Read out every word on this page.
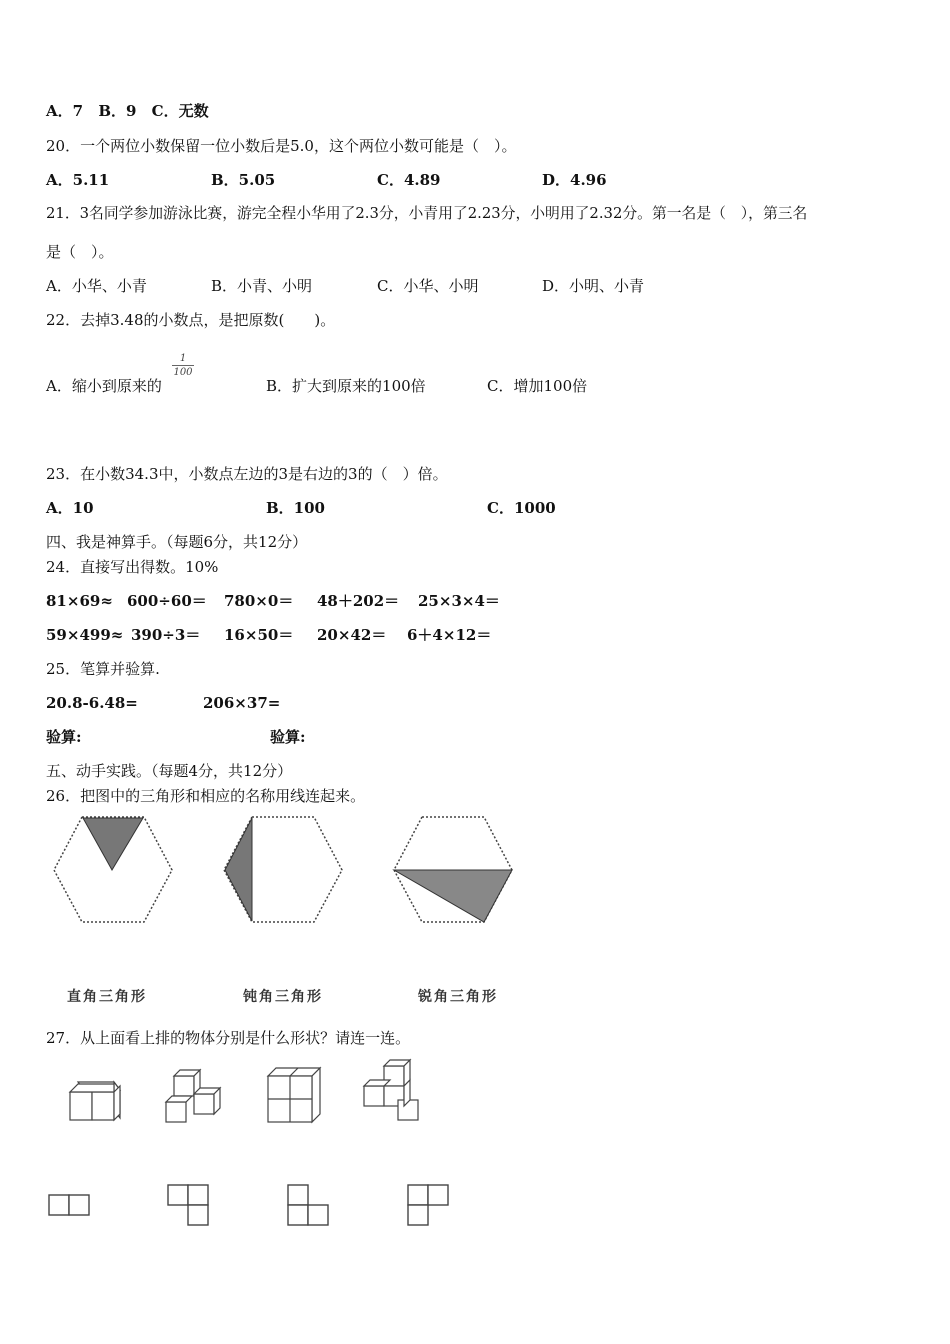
A．7 B．9 C．无数
20．一个两位小数保留一位小数后是5.0，这个两位小数可能是（　）。
A．5.11	B．5.05	C．4.89	D．4.96
21．3名同学参加游泳比赛，游完全程小华用了2.3分，小青用了2.23分，小明用了2.32分。第一名是（　），第三名
是（　）。
A．小华、小青	B．小青、小明	C．小华、小明	D．小明、小青
22．去掉3.48的小数点，是把原数(　　)。
A．缩小到原来的
1
100
B．扩大到原来的100倍	C．增加100倍
23．在小数34.3中，小数点左边的3是右边的3的（　）倍。
A．10	B．100	C．1000
四、我是神算手。（每题6分，共12分）
24．直接写出得数。10%
81×69≈ 600÷60＝ 780×0＝ 48＋202＝ 25×3×4＝
59×499≈ 390÷3＝ 16×50＝ 20×42＝ 6＋4×12＝
25．笔算并验算.
20.8-6.48=	206×37=
验算:	验算:
五、动手实践。（每题4分，共12分）
26．把图中的三角形和相应的名称用线连起来。
直角三角形	钝角三角形	锐角三角形
27．从上面看上排的物体分别是什么形状？请连一连。
